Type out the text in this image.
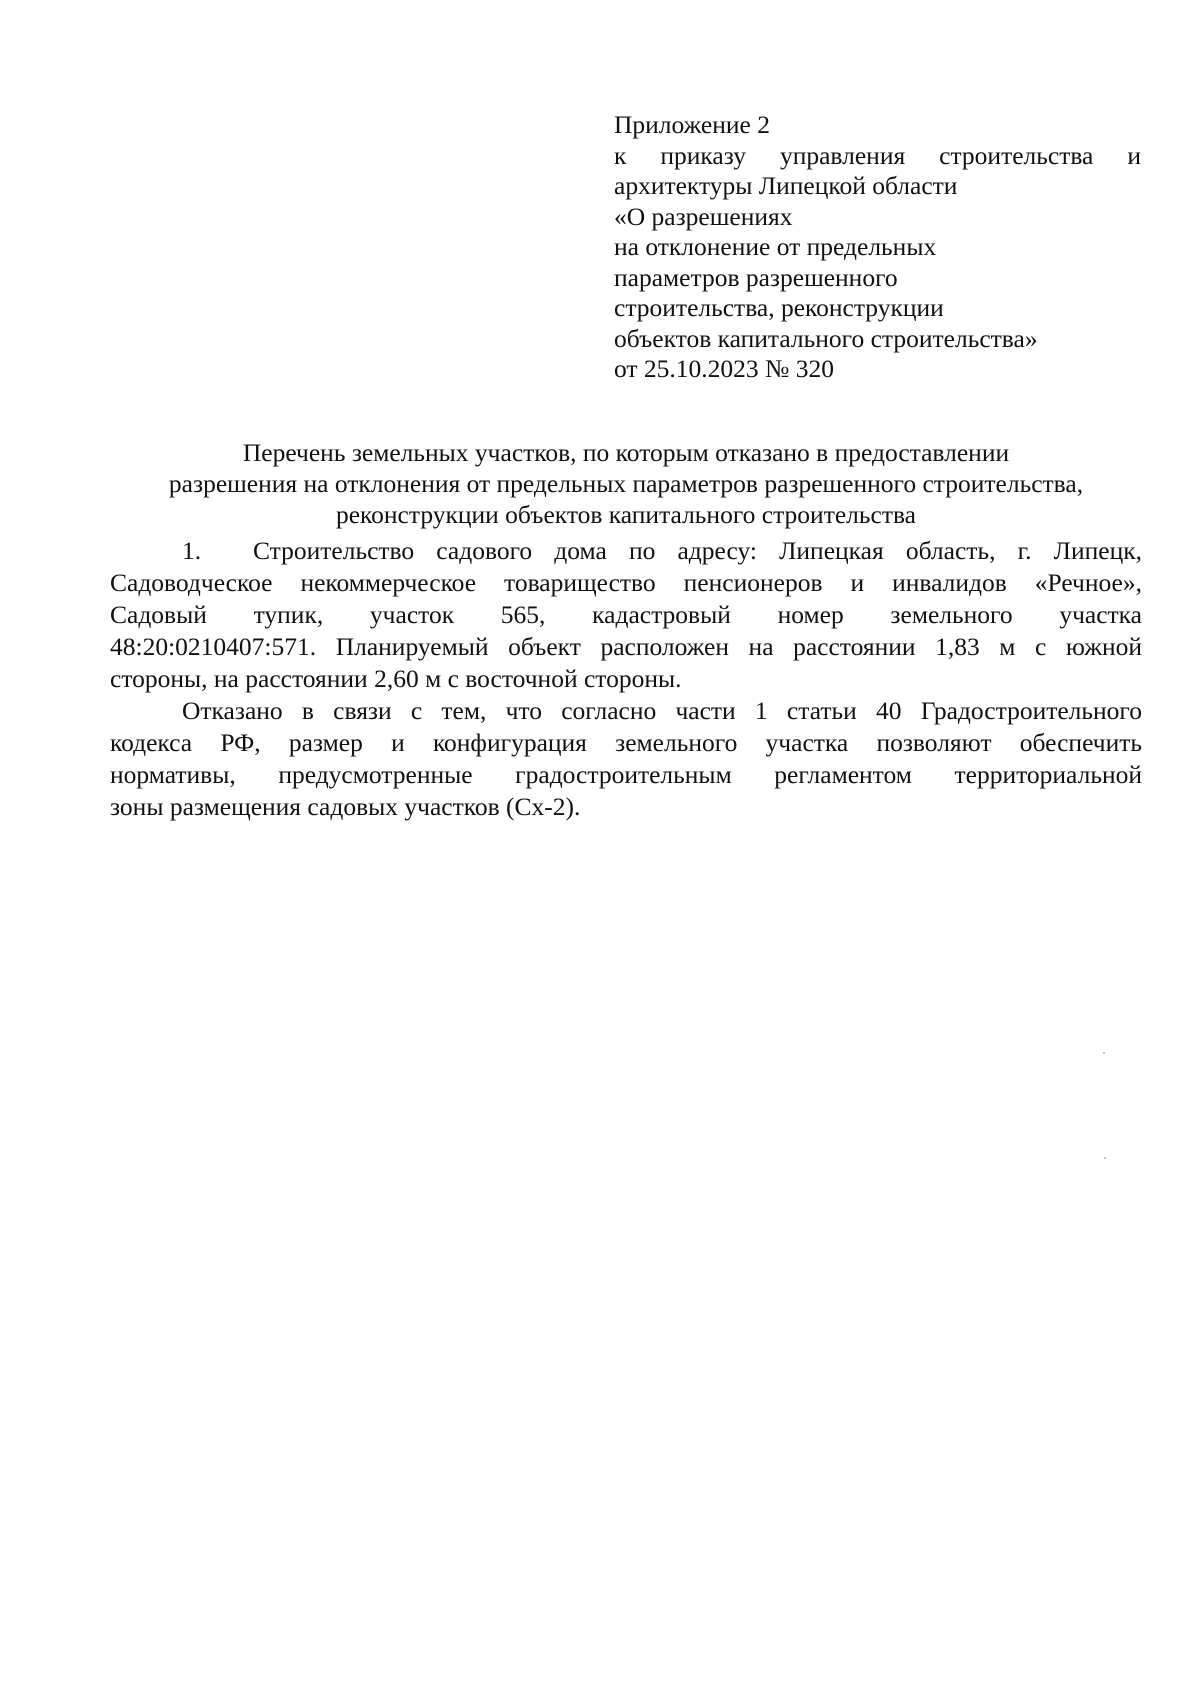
Приложение 2
к приказу управления строительства и
архитектуры Липецкой области
«О разрешениях
на отклонение от предельных
параметров разрешенного
строительства, реконструкции
объектов капитального строительства»
от 25.10.2023 № 320
Перечень земельных участков, по которым отказано в предоставлении
разрешения на отклонения от предельных параметров разрешенного строительства,
реконструкции объектов капитального строительства
1. Строительство садового дома по адресу: Липецкая область, г. Липецк,
Садоводческое некоммерческое товарищество пенсионеров и инвалидов «Речное»,
Садовый тупик, участок 565, кадастровый номер земельного участка
48:20:0210407:571. Планируемый объект расположен на расстоянии 1,83 м с южной
стороны, на расстоянии 2,60 м с восточной стороны.
Отказано в связи с тем, что согласно части 1 статьи 40 Градостроительного
кодекса РФ, размер и конфигурация земельного участка позволяют обеспечить
нормативы, предусмотренные градостроительным регламентом территориальной
зоны размещения садовых участков (Сх-2).
